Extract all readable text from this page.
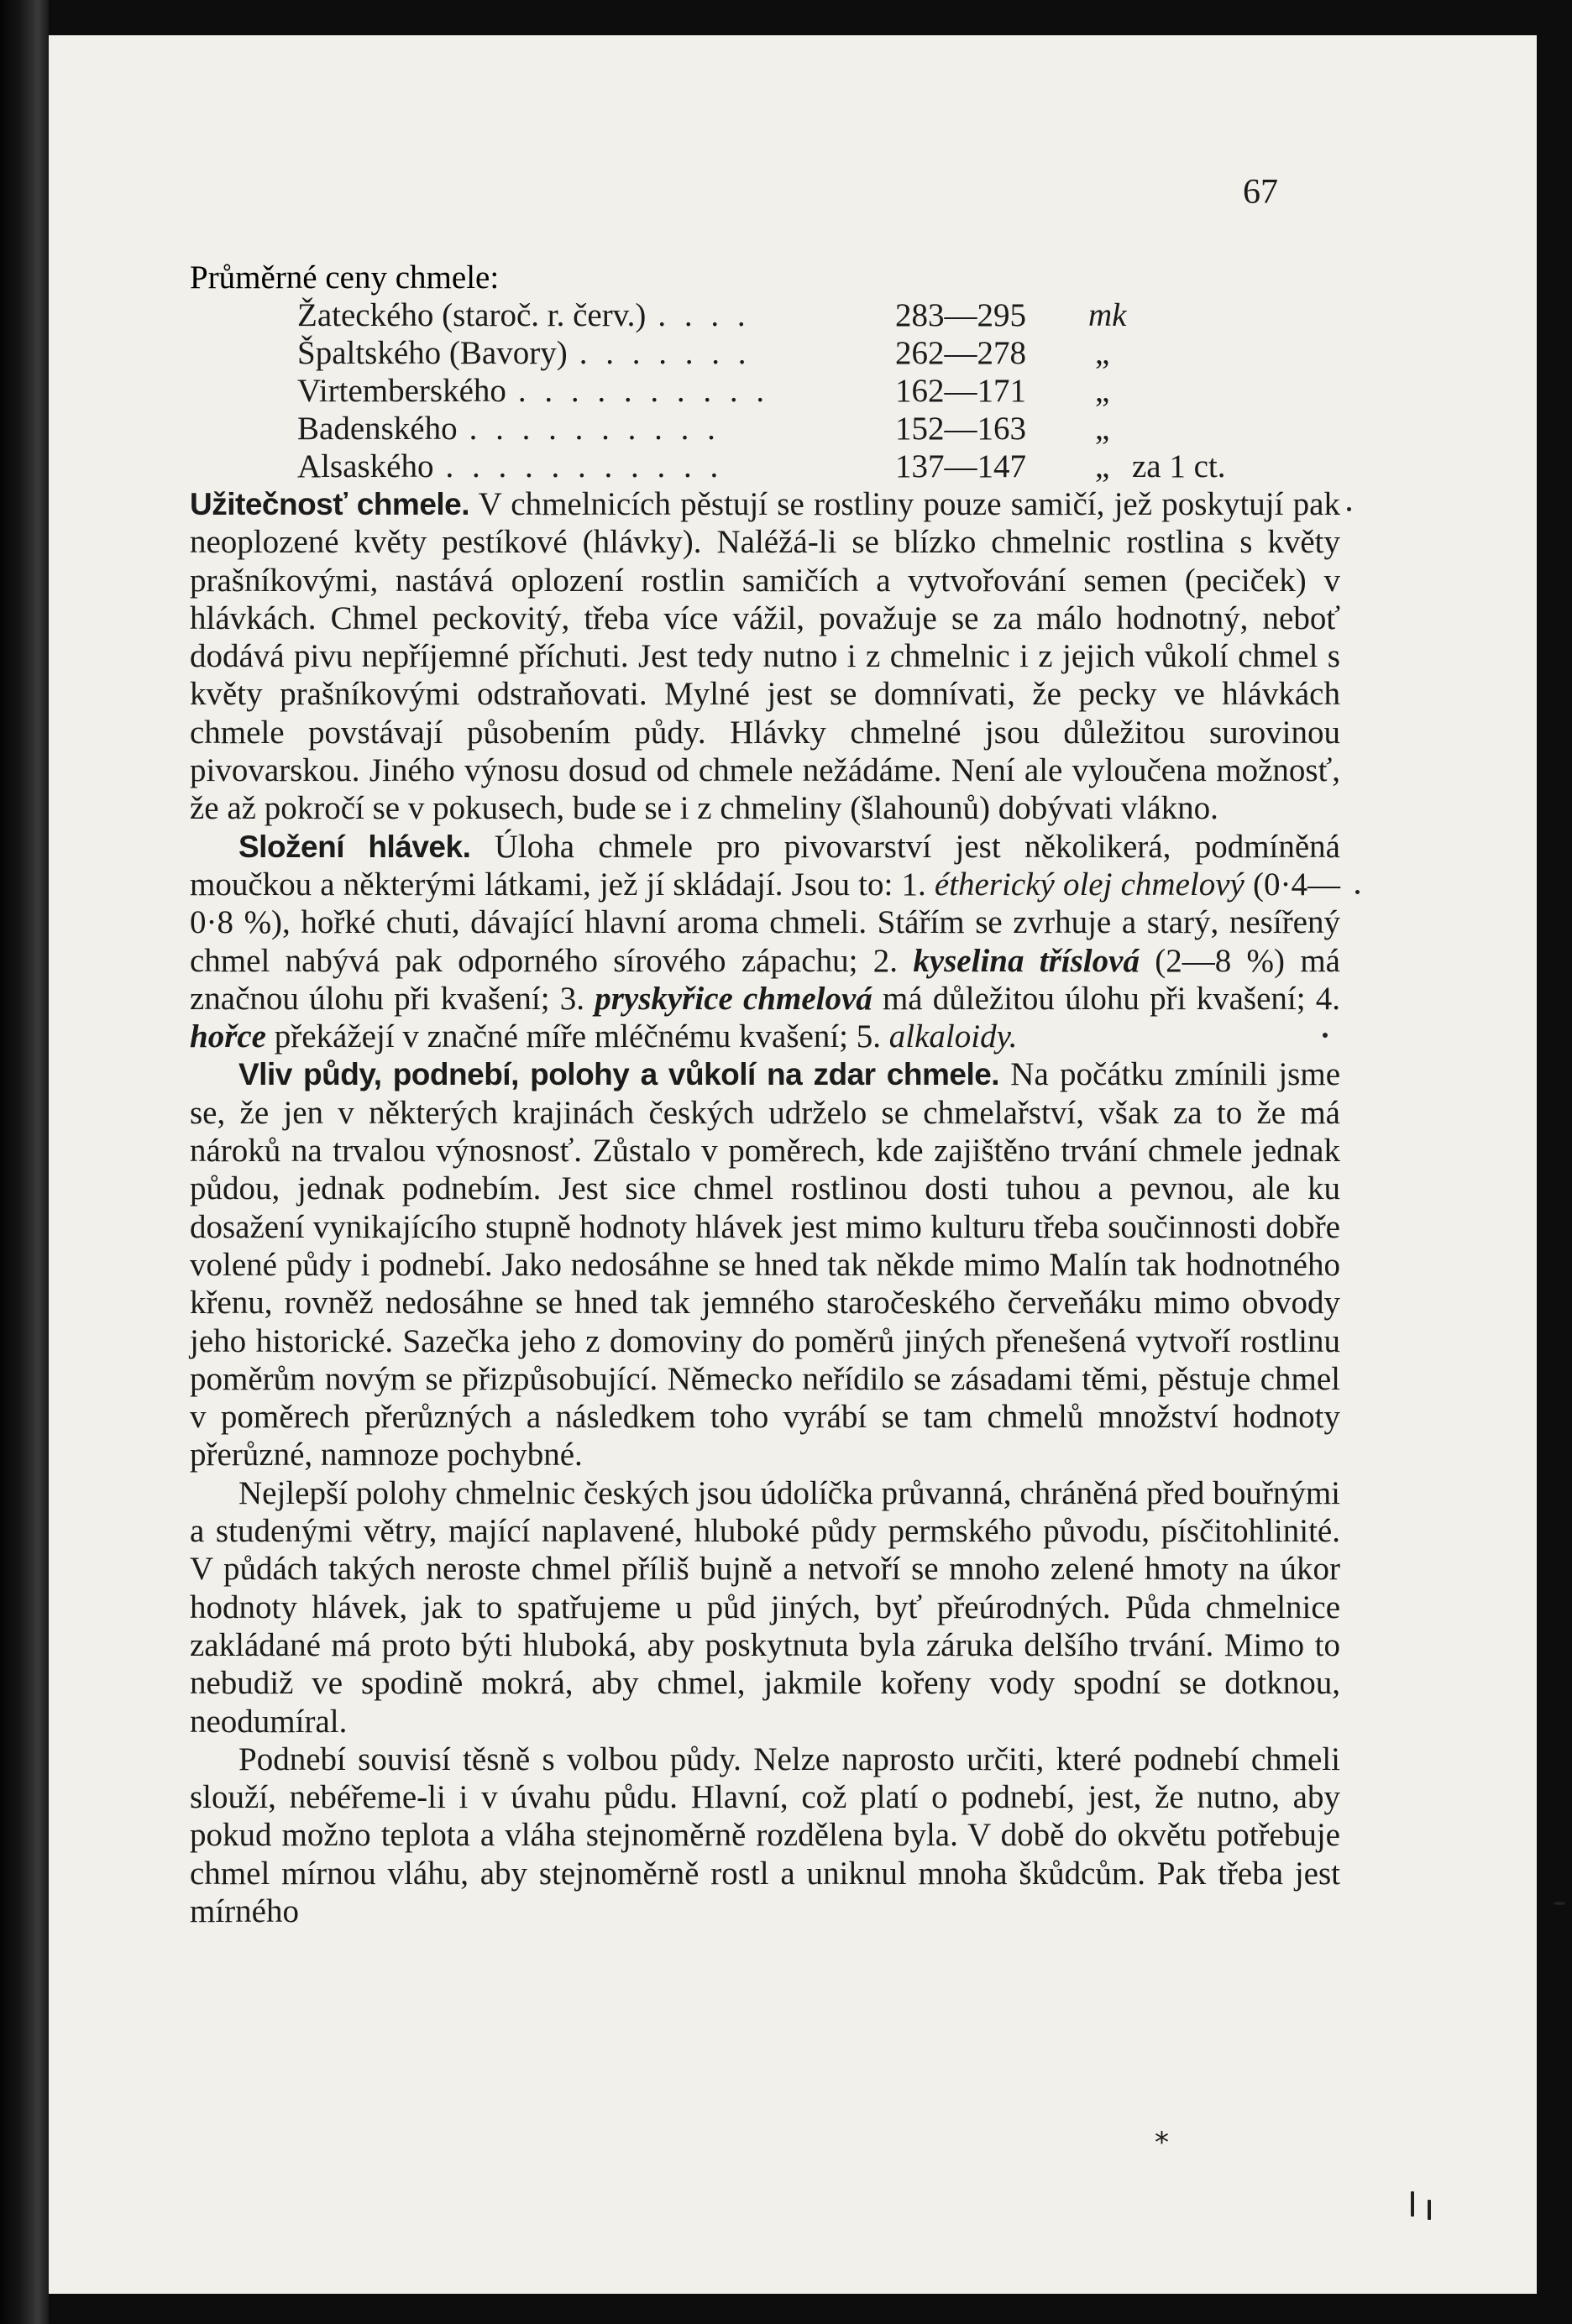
67
Průměrné ceny chmele:
Žateckého (staroč. r. červ.) . . . .	283—295 mk
Špaltského (Bavory) . . . . . . .	262—278 „
Virtemberského . . . . . . . . . .	162—171 „
Badenského . . . . . . . . . .	152—163 „
Alsaského . . . . . . . . . . .	137—147 „ za 1 ct.

Užitečnosť chmele. V chmelnicích pěstují se rostliny pouze samičí, jež poskytují pak neoplozené květy pestíkové (hlávky). Naléžá-li se blízko chmelnic rostlina s květy prašníkovými, nastává oplození rostlin samičích a vytvořování semen (peciček) v hlávkách. Chmel peckovitý, třeba více vážil, považuje se za málo hodnotný, neboť dodává pivu nepříjemné příchuti. Jest tedy nutno i z chmelnic i z jejich vůkolí chmel s květy prašníkovými odstraňovati. Mylné jest se domnívati, že pecky ve hlávkách chmele povstávají působením půdy. Hlávky chmelné jsou důležitou surovinou pivovarskou. Jiného výnosu dosud od chmele nežádáme. Není ale vyloučena možnosť, že až pokročí se v pokusech, bude se i z chmeliny (šlahounů) dobývati vlákno.

Složení hlávek. Úloha chmele pro pivovarství jest několikerá, podmíněná moučkou a některými látkami, jež jí skládají. Jsou to: 1. étherický olej chmelový (0·4—0·8 %), hořké chuti, dávající hlavní aroma chmeli. Stářím se zvrhuje a starý, nesířený chmel nabývá pak odporného sírového zápachu; 2. kyselina tříslová (2—8 %) má značnou úlohu při kvašení; 3. pryskyřice chmelová má důležitou úlohu při kvašení; 4. hořce překážejí v značné míře mléčnému kvašení; 5. alkaloidy.

Vliv půdy, podnebí, polohy a vůkolí na zdar chmele. Na počátku zmínili jsme se, že jen v některých krajinách českých udrželo se chmelařství, však za to že má nároků na trvalou výnosnosť. Zůstalo v poměrech, kde zajištěno trvání chmele jednak půdou, jednak podnebím. Jest sice chmel rostlinou dosti tuhou a pevnou, ale ku dosažení vynikajícího stupně hodnoty hlávek jest mimo kulturu třeba součinnosti dobře volené půdy i podnebí. Jako nedosáhne se hned tak někde mimo Malín tak hodnotného křenu, rovněž nedosáhne se hned tak jemného staročeského červeňáku mimo obvody jeho historické. Sazečka jeho z domoviny do poměrů jiných přenešená vytvoří rostlinu poměrům novým se přizpůsobující. Německo neřídilo se zásadami těmi, pěstuje chmel v poměrech přerůzných a následkem toho vyrábí se tam chmelů množství hodnoty přerůzné, namnoze pochybné.

Nejlepší polohy chmelnic českých jsou údolíčka průvanná, chráněná před bouřnými a studenými větry, mající naplavené, hluboké půdy permského původu, písčitohlinité. V půdách takých neroste chmel příliš bujně a netvoří se mnoho zelené hmoty na úkor hodnoty hlávek, jak to spatřujeme u půd jiných, byť přeúrodných. Půda chmelnice zakládané má proto býti hluboká, aby poskytnuta byla záruka delšího trvání. Mimo to nebudiž ve spodině mokrá, aby chmel, jakmile kořeny vody spodní se dotknou, neodumíral.

Podnebí souvisí těsně s volbou půdy. Nelze naprosto určiti, které podnebí chmeli slouží, nebéřeme-li i v úvahu půdu. Hlavní, což platí o podnebí, jest, že nutno, aby pokud možno teplota a vláha stejnoměrně rozdělena byla. V době do okvětu potřebuje chmel mírnou vláhu, aby stejnoměrně rostl a uniknul mnoha škůdcům. Pak třeba jest mírného

*
